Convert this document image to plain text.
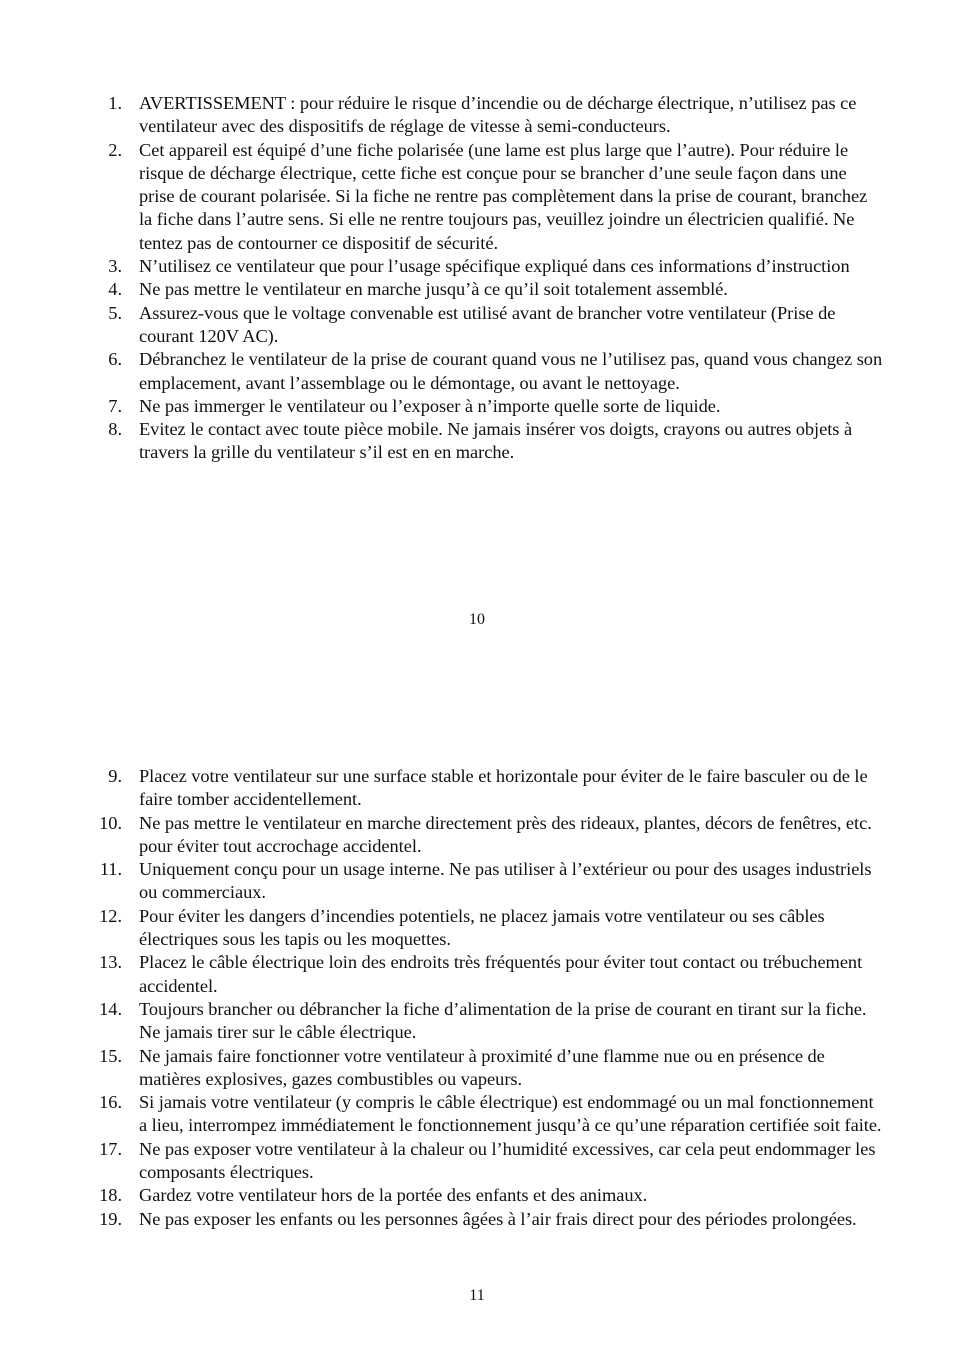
1. AVERTISSEMENT : pour réduire le risque d’incendie ou de décharge électrique, n’utilisez pas ce ventilateur avec des dispositifs de réglage de vitesse à semi-conducteurs.
2. Cet appareil est équipé d’une fiche polarisée (une lame est plus large que l’autre). Pour réduire le risque de décharge électrique, cette fiche est conçue pour se brancher d’une seule façon dans une prise de courant polarisée. Si la fiche ne rentre pas complètement dans la prise de courant, branchez la fiche dans l’autre sens. Si elle ne rentre toujours pas, veuillez joindre un électricien qualifié. Ne tentez pas de contourner ce dispositif de sécurité.
3. N’utilisez ce ventilateur que pour l’usage spécifique expliqué dans ces informations d’instruction
4. Ne pas mettre le ventilateur en marche jusqu’à ce qu’il soit totalement assemblé.
5. Assurez-vous que le voltage convenable est utilisé avant de brancher votre ventilateur (Prise de courant 120V AC).
6. Débranchez le ventilateur de la prise de courant quand vous ne l’utilisez pas, quand vous changez son emplacement, avant l’assemblage ou le démontage, ou avant le nettoyage.
7. Ne pas immerger le ventilateur ou l’exposer à n’importe quelle sorte de liquide.
8. Evitez le contact avec toute pièce mobile. Ne jamais insérer vos doigts, crayons ou autres objets à travers la grille du ventilateur s’il est en en marche.
10
9. Placez votre ventilateur sur une surface stable et horizontale pour éviter de le faire basculer ou de le faire tomber accidentellement.
10. Ne pas mettre le ventilateur en marche directement près des rideaux, plantes, décors de fenêtres, etc. pour éviter tout accrochage accidentel.
11. Uniquement conçu pour un usage interne. Ne pas utiliser à l’extérieur ou pour des usages industriels ou commerciaux.
12. Pour éviter les dangers d’incendies potentiels, ne placez jamais votre ventilateur ou ses câbles électriques sous les tapis ou les moquettes.
13. Placez le câble électrique loin des endroits très fréquentés pour éviter tout contact ou trébuchement accidentel.
14. Toujours brancher ou débrancher la fiche d’alimentation de la prise de courant en tirant sur la fiche. Ne jamais tirer sur le câble électrique.
15. Ne jamais faire fonctionner votre ventilateur à proximité d’une flamme nue ou en présence de matières explosives, gazes combustibles ou vapeurs.
16. Si jamais votre ventilateur (y compris le câble électrique) est endommagé ou un mal fonctionnement a lieu, interrompez immédiatement le fonctionnement jusqu’à ce qu’une réparation certifiée soit faite.
17. Ne pas exposer votre ventilateur à la chaleur ou l’humidité excessives, car cela peut endommager les composants électriques.
18. Gardez votre ventilateur hors de la portée des enfants et des animaux.
19. Ne pas exposer les enfants ou les personnes âgées à l’air frais direct pour des périodes prolongées.
11
